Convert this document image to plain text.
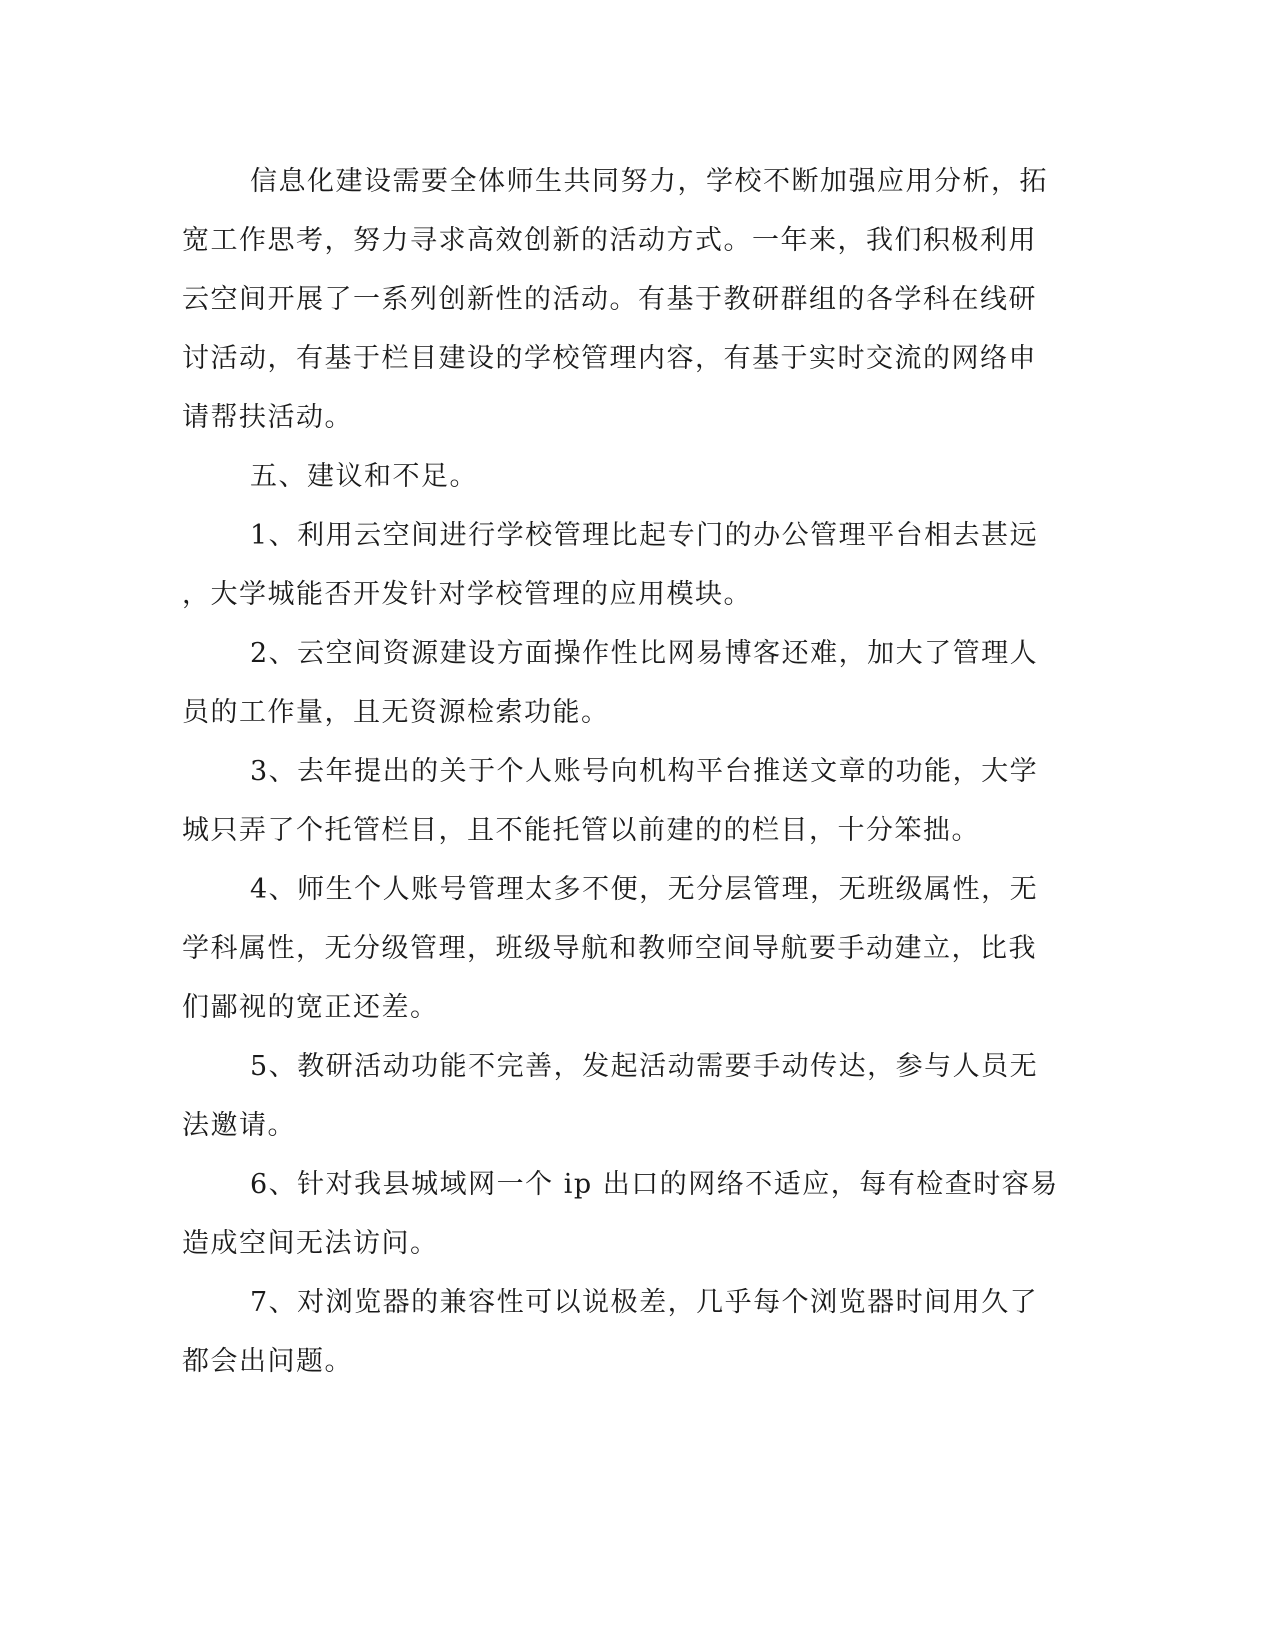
信息化建设需要全体师生共同努力，学校不断加强应用分析，拓
宽工作思考，努力寻求高效创新的活动方式。一年来，我们积极利用
云空间开展了一系列创新性的活动。有基于教研群组的各学科在线研
讨活动，有基于栏目建设的学校管理内容，有基于实时交流的网络申
请帮扶活动。
五、建议和不足。
1、利用云空间进行学校管理比起专门的办公管理平台相去甚远
，大学城能否开发针对学校管理的应用模块。
2、云空间资源建设方面操作性比网易博客还难，加大了管理人
员的工作量，且无资源检索功能。
3、去年提出的关于个人账号向机构平台推送文章的功能，大学
城只弄了个托管栏目，且不能托管以前建的的栏目，十分笨拙。
4、师生个人账号管理太多不便，无分层管理，无班级属性，无
学科属性，无分级管理，班级导航和教师空间导航要手动建立，比我
们鄙视的宽正还差。
5、教研活动功能不完善，发起活动需要手动传达，参与人员无
法邀请。
6、针对我县城域网一个 ip 出口的网络不适应，每有检查时容易
造成空间无法访问。
7、对浏览器的兼容性可以说极差，几乎每个浏览器时间用久了
都会出问题。
